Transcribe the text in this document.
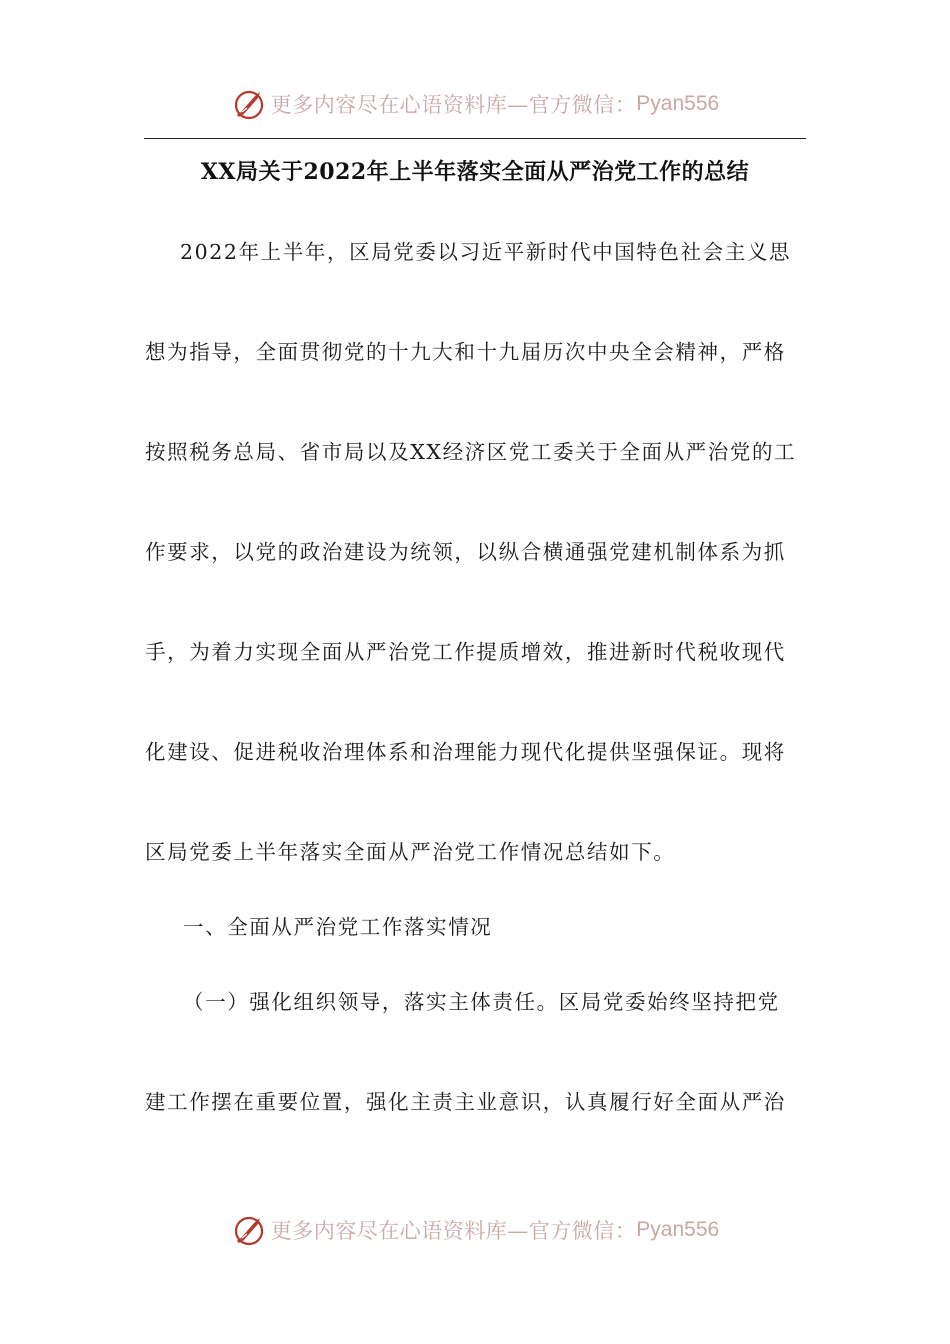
更多内容尽在心语资料库—官方微信： Pyan556
XX局关于2022年上半年落实全面从严治党工作的总结
2022年上半年，区局党委以习近平新时代中国特色社会主义思
想为指导，全面贯彻党的十九大和十九届历次中央全会精神，严格
按照税务总局、省市局以及XX经济区党工委关于全面从严治党的工
作要求，以党的政治建设为统领，以纵合横通强党建机制体系为抓
手，为着力实现全面从严治党工作提质增效，推进新时代税收现代
化建设、促进税收治理体系和治理能力现代化提供坚强保证。现将
区局党委上半年落实全面从严治党工作情况总结如下。
一、全面从严治党工作落实情况
（一）强化组织领导，落实主体责任。区局党委始终坚持把党
建工作摆在重要位置，强化主责主业意识，认真履行好全面从严治
更多内容尽在心语资料库—官方微信： Pyan556
